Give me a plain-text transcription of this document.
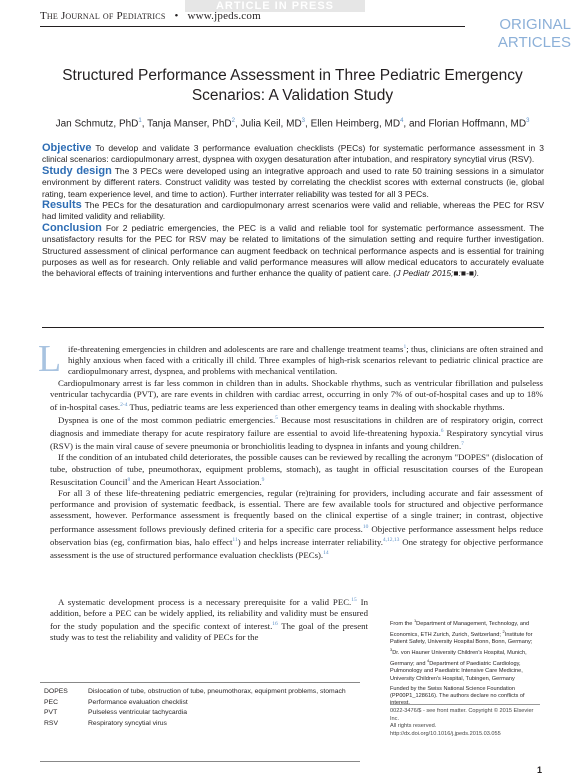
ARTICLE IN PRESS
The Journal of Pediatrics • www.jpeds.com	ORIGINAL
ARTICLES
Structured Performance Assessment in Three Pediatric Emergency Scenarios: A Validation Study
Jan Schmutz, PhD$^1$, Tanja Manser, PhD$^2$, Julia Keil, $MD^3$, Ellen Heimberg, $MD^4$, and Florian Hoffmann, $MD^3$

Objective To develop and validate 3 performance evaluation checklists (PECs) for systematic performance assessment in 3 clinical scenarios: cardiopulmonary arrest, dyspnea with oxygen desaturation after intubation, and respiratory syncytial virus (RSV).

Study design The 3 PECs were developed using an integrative approach and used to rate 50 training sessions in a simulator environment by different raters. Construct validity was tested by correlating the checklist scores with external constructs (ie, global rating, team experience level, and time to action). Further interrater reliability was tested for all 3 PECs.

Results The PECs for the desaturation and cardiopulmonary arrest scenarios were valid and reliable, whereas the PEC for RSV had limited validity and reliability.

Conclusion For 2 pediatric emergencies, the PEC is a valid and reliable tool for systematic performance assessment. The unsatisfactory results for the PEC for RSV may be related to limitations of the simulation setting and require further investigation. Structured assessment of clinical performance can augment feedback on technical performance aspects and is essential for training purposes as well as for research. Only reliable and valid performance measures will allow medical educators to accurately evaluate the behavioral effects of training interventions and further enhance the quality of patient care. (J Pediatr 2015;■:■-■).

L ife-threatening emergencies in children and adolescents are rare and challenge treatment teams$^1$; thus, clinicians are often strained and highly anxious when faced with a critically ill child. Three examples of high-risk scenarios relevant to pediatric clinical practice are cardiopulmonary arrest, dyspnea, and problems with mechanical ventilation.

Cardiopulmonary arrest is far less common in children than in adults. Shockable rhythms, such as ventricular fibrillation and pulseless ventricular tachycardia (PVT), are rare events in children with cardiac arrest, occurring in only 7% of out-of-hospital cases and up to 18% of in-hospital cases.$^{2-4}$ Thus, pediatric teams are less experienced than other emergency teams in dealing with shockable rhythms.

Dyspnea is one of the most common pediatric emergencies.$^5$ Because most resuscitations in children are of respiratory origin, correct diagnosis and immediate therapy for acute respiratory failure are essential to avoid life-threatening hypoxia.$^6$ Respiratory syncytial virus (RSV) is the main viral cause of severe pneumonia or bronchiolitis leading to dyspnea in infants and young children.$^7$

If the condition of an intubated child deteriorates, the possible causes can be reviewed by recalling the acronym "DOPES" (dislocation of tube, obstruction of tube, pneumothorax, equipment problems, stomach), as taught in official resuscitation courses of the European Resuscitation Council$^8$ and the American Heart Association.$^9$

For all 3 of these life-threatening pediatric emergencies, regular (re)training for providers, including accurate and fair assessment of performance and provision of systematic feedback, is essential. There are few available tools for structured and objective performance assessment, however. Performance assessment is frequently based on the clinical expertise of a single trainer; in contrast, objective performance assessment follows previously defined criteria for a specific care process.$^{10}$ Objective performance assessment helps reduce observation bias (eg, confirmation bias, halo effect$^{11}$) and helps increase interrater reliability.$^{4,12,13}$ One strategy for objective performance assessment is the use of structured performance evaluation checklists (PECs).$^{14}$

A systematic development process is a necessary prerequisite for a valid PEC.$^{15}$ In addition, before a PEC can be widely applied, its reliability and validity must be ensured for the study population and the specific context of interest.$^{16}$ The goal of the present study was to test the reliability and validity of PECs for the

From the $^1$Department of Management, Technology, and Economics, ETH Zurich, Zurich, Switzerland; $^2$Institute for Patient Safety, University Hospital Bonn, Bonn, Germany; $^3$Dr. von Hauner University Children's Hospital, Munich, Germany; and $^4$Department of Paediatric Cardiology, Pulmonology and Paediatric Intensive Care Medicine, University Children's Hospital, Tubingen, Germany

Funded by the Swiss National Science Foundation (PP00P1_128616). The authors declare no conflicts of

0022-3476/$ - see front matter. Copyright © 2015 Elsevier Inc.
All rights reserved.
http://dx.doi.org/10.1016/j.jpeds.2015.03.055
DOPES	Dislocation of tube, obstruction of tube, pneumothorax, equipment problems, stomach
PEC	Performance evaluation checklist
PVT	Pulseless ventricular tachycardia
RSV	Respiratory syncytial virus
1
